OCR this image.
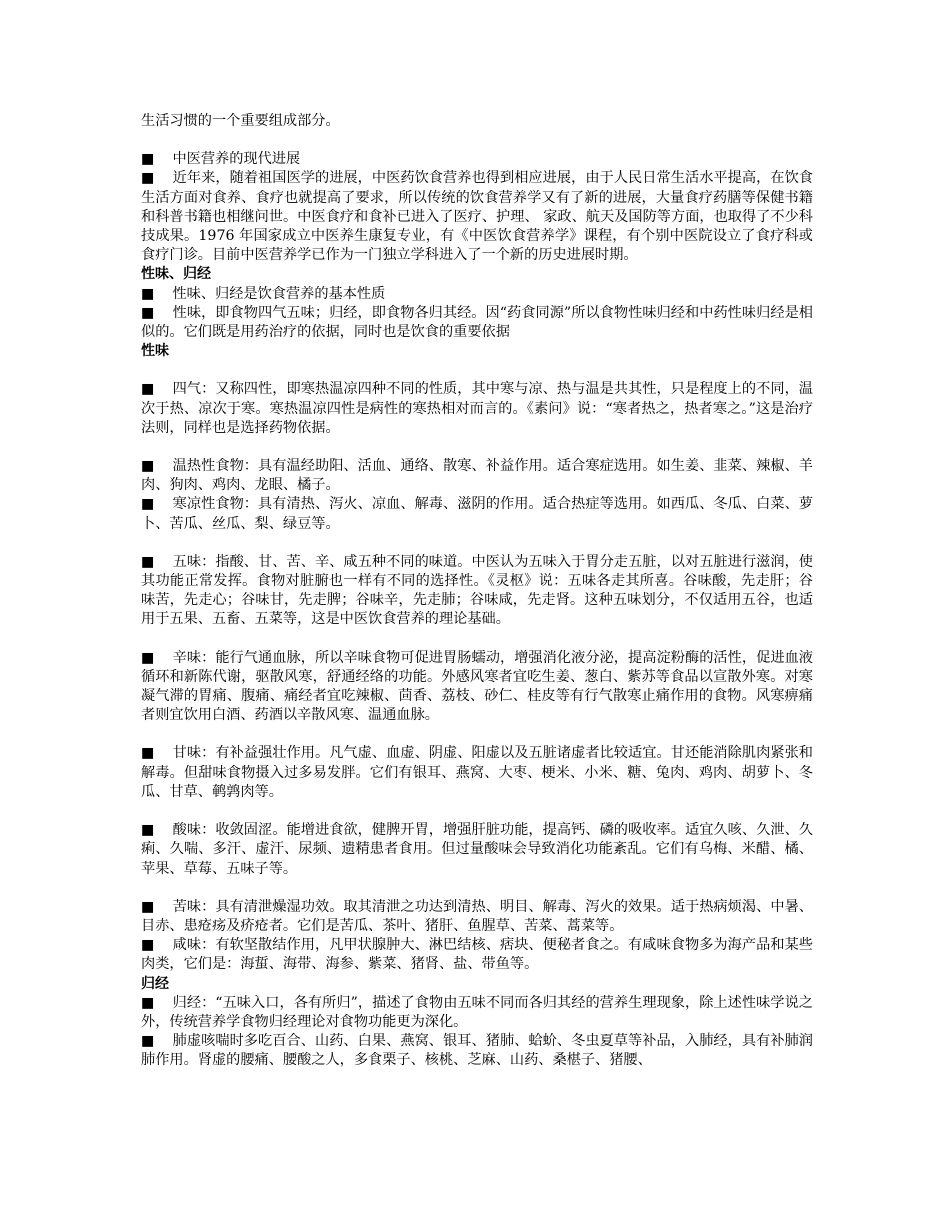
生活习惯的一个重要组成部分。
■    中医营养的现代进展
■    近年来，随着祖国医学的进展，中医药饮食营养也得到相应进展，由于人民日常生活水平提高，在饮食生活方面对食养、食疗也就提高了要求，所以传统的饮食营养学又有了新的进展，大量食疗药膳等保健书籍和科普书籍也相继问世。中医食疗和食补已进入了医疗、护理、 家政、航天及国防等方面，也取得了不少科技成果。1976 年国家成立中医养生康复专业，有《中医饮食营养学》课程，有个别中医院设立了食疗科或食疗门诊。目前中医营养学已作为一门独立学科进入了一个新的历史进展时期。
性味、归经
■    性味、归经是饮食营养的基本性质
■    性味，即食物四气五味；归经，即食物各归其经。因“药食同源”所以食物性味归经和中药性味归经是相似的。它们既是用药治疗的依据，同时也是饮食的重要依据
性味
■    四气：又称四性，即寒热温凉四种不同的性质，其中寒与凉、热与温是共其性，只是程度上的不同，温次于热、凉次于寒。寒热温凉四性是病性的寒热相对而言的。《素问》说：“寒者热之，热者寒之。”这是治疗法则，同样也是选择药物依据。
■    温热性食物：具有温经助阳、活血、通络、散寒、补益作用。适合寒症选用。如生姜、韭菜、辣椒、羊肉、狗肉、鸡肉、龙眼、橘子。
■    寒凉性食物：具有清热、泻火、凉血、解毒、滋阴的作用。适合热症等选用。如西瓜、冬瓜、白菜、萝卜、苦瓜、丝瓜、梨、绿豆等。
■    五味：指酸、甘、苦、辛、咸五种不同的味道。中医认为五味入于胃分走五脏，以对五脏进行滋润，使其功能正常发挥。食物对脏腑也一样有不同的选择性。《灵枢》说：五味各走其所喜。谷味酸，先走肝；谷味苦，先走心；谷味甘，先走脾；谷味辛，先走肺；谷味咸，先走肾。这种五味划分，不仅适用五谷，也适用于五果、五畜、五菜等，这是中医饮食营养的理论基础。
■    辛味：能行气通血脉，所以辛味食物可促进胃肠蠕动，增强消化液分泌，提高淀粉酶的活性，促进血液循环和新陈代谢，驱散风寒，舒通经络的功能。外感风寒者宜吃生姜、葱白、紫苏等食品以宣散外寒。对寒凝气滞的胃痛、腹痛、痛经者宜吃辣椒、茴香、荔枝、砂仁、桂皮等有行气散寒止痛作用的食物。风寒痹痛者则宜饮用白酒、药酒以辛散风寒、温通血脉。
■    甘味：有补益强壮作用。凡气虚、血虚、阴虚、阳虚以及五脏诸虚者比较适宜。甘还能消除肌肉紧张和解毒。但甜味食物摄入过多易发胖。它们有银耳、燕窝、大枣、梗米、小米、糖、兔肉、鸡肉、胡萝卜、冬瓜、甘草、鹌鹑肉等。
■    酸味：收敛固涩。能增进食欲，健脾开胃，增强肝脏功能，提高钙、磷的吸收率。适宜久咳、久泄、久痢、久喘、多汗、虚汗、尿频、遗精患者食用。但过量酸味会导致消化功能紊乱。它们有乌梅、米醋、橘、苹果、草莓、五味子等。
■    苦味：具有清泄燥湿功效。取其清泄之功达到清热、明目、解毒、泻火的效果。适于热病烦渴、中暑、目赤、患疮疡及疥疮者。它们是苦瓜、茶叶、猪肝、鱼腥草、苦菜、蒿菜等。
■    咸味：有软坚散结作用，凡甲状腺肿大、淋巴结核、痞块、便秘者食之。有咸味食物多为海产品和某些肉类，它们是：海蜇、海带、海参、紫菜、猪肾、盐、带鱼等。
归经
■    归经：“五味入口，各有所归”，描述了食物由五味不同而各归其经的营养生理现象，除上述性味学说之外，传统营养学食物归经理论对食物功能更为深化。
■    肺虚咳喘时多吃百合、山药、白果、燕窝、银耳、猪肺、蛤蚧、冬虫夏草等补品，入肺经，具有补肺润肺作用。肾虚的腰痛、腰酸之人，多食栗子、核桃、芝麻、山药、桑椹子、猪腰、
